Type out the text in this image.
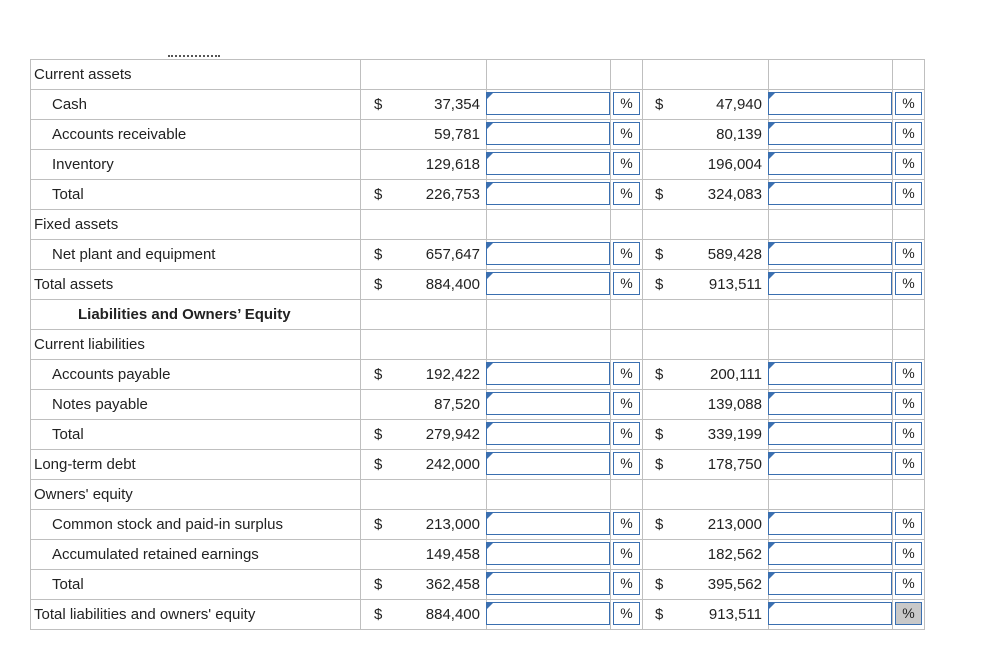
Current assets
Cash	$	37,354	%	$	47,940	%
Accounts receivable	59,781	%	80,139	%
Inventory	129,618	%	196,004	%
Total	$	226,753	%	$	324,083	%
Fixed assets
Net plant and equipment	$	657,647	%	$	589,428	%
Total assets	$	884,400	%	$	913,511	%
Liabilities and Owners’ Equity
Current liabilities
Accounts payable	$	192,422	%	$	200,111	%
Notes payable	87,520	%	139,088	%
Total	$	279,942	%	$	339,199	%
Long-term debt	$	242,000	%	$	178,750	%
Owners' equity
Common stock and paid-in surplus	$	213,000	%	$	213,000	%
Accumulated retained earnings	149,458	%	182,562	%
Total	$	362,458	%	$	395,562	%
Total liabilities and owners' equity	$	884,400	%	$	913,511	%
